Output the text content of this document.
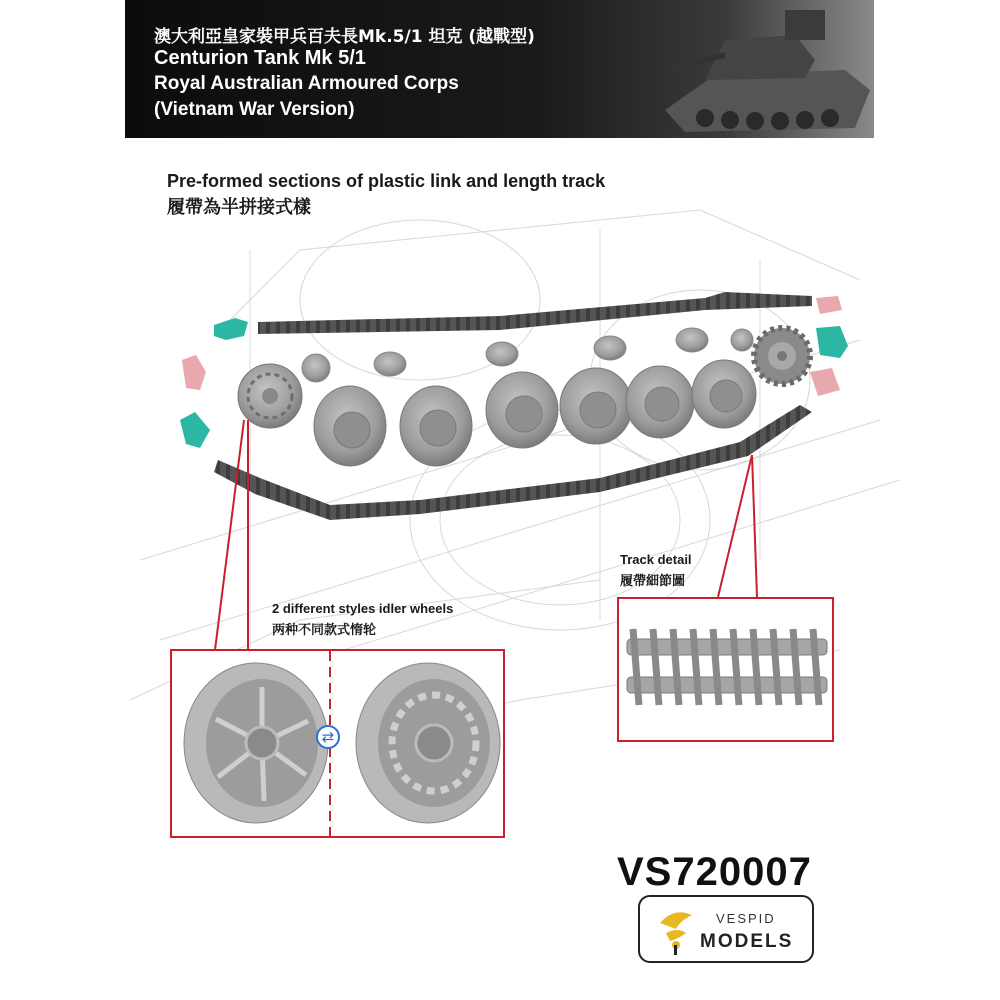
澳大利亞皇家裝甲兵百夫長Mk.5/1 坦克 (越戰型)
Centurion Tank Mk 5/1
Royal Australian Armoured Corps
(Vietnam War Version)
Pre-formed sections of plastic link and length track
履帶為半拼接式樣
2 different styles idler wheels
两种不同款式惰轮
⇄
Track detail
履帶細節圖
VS720007
VESPID
MODELS
